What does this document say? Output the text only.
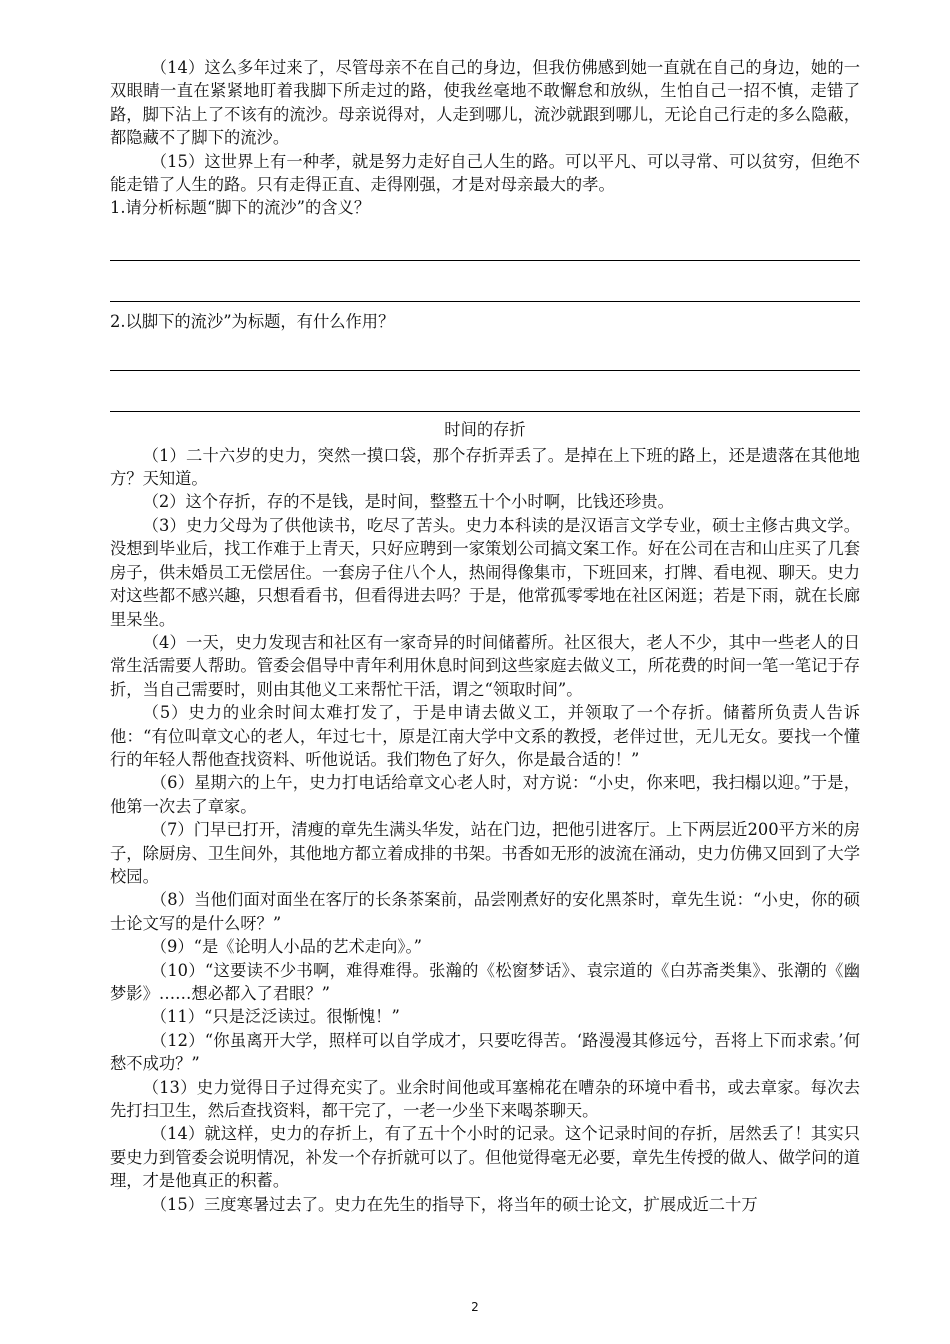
（14）这么多年过来了，尽管母亲不在自己的身边，但我仿佛感到她一直就在自己的身边，她的一双眼睛一直在紧紧地盯着我脚下所走过的路，使我丝毫地不敢懈怠和放纵，生怕自己一招不慎，走错了路，脚下沾上了不该有的流沙。母亲说得对，人走到哪儿，流沙就跟到哪儿，无论自己行走的多么隐蔽，都隐藏不了脚下的流沙。

（15）这世界上有一种孝，就是努力走好自己人生的路。可以平凡、可以寻常、可以贫穷，但绝不能走错了人生的路。只有走得正直、走得刚强，才是对母亲最大的孝。

1.请分析标题“脚下的流沙”的含义？

2.以脚下的流沙”为标题，有什么作用？

时间的存折

（1）二十六岁的史力，突然一摸口袋，那个存折弄丢了。是掉在上下班的路上，还是遗落在其他地方？天知道。

（2）这个存折，存的不是钱，是时间，整整五十个小时啊，比钱还珍贵。

（3）史力父母为了供他读书，吃尽了苦头。史力本科读的是汉语言文学专业，硕士主修古典文学。没想到毕业后，找工作难于上青天，只好应聘到一家策划公司搞文案工作。好在公司在吉和山庄买了几套房子，供未婚员工无偿居住。一套房子住八个人，热闹得像集市，下班回来，打牌、看电视、聊天。史力对这些都不感兴趣，只想看看书，但看得进去吗？于是，他常孤零零地在社区闲逛；若是下雨，就在长廊里呆坐。

（4）一天，史力发现吉和社区有一家奇异的时间储蓄所。社区很大，老人不少，其中一些老人的日常生活需要人帮助。管委会倡导中青年利用休息时间到这些家庭去做义工，所花费的时间一笔一笔记于存折，当自己需要时，则由其他义工来帮忙干活，谓之“领取时间”。

（5）史力的业余时间太难打发了，于是申请去做义工，并领取了一个存折。储蓄所负责人告诉他：“有位叫章文心的老人，年过七十，原是江南大学中文系的教授，老伴过世，无儿无女。要找一个懂行的年轻人帮他查找资料、听他说话。我们物色了好久，你是最合适的！”

（6）星期六的上午，史力打电话给章文心老人时，对方说：“小史，你来吧，我扫榻以迎。”于是，他第一次去了章家。

（7）门早已打开，清瘦的章先生满头华发，站在门边，把他引进客厅。上下两层近200平方米的房子，除厨房、卫生间外，其他地方都立着成排的书架。书香如无形的波流在涌动，史力仿佛又回到了大学校园。

（8）当他们面对面坐在客厅的长条茶案前，品尝刚煮好的安化黑茶时，章先生说：“小史，你的硕士论文写的是什么呀？”

（9）“是《论明人小品的艺术走向》。”

（10）“这要读不少书啊，难得难得。张瀚的《松窗梦话》、袁宗道的《白苏斋类集》、张潮的《幽梦影》……想必都入了君眼？”

（11）“只是泛泛读过。很惭愧！”

（12）“你虽离开大学，照样可以自学成才，只要吃得苦。‘路漫漫其修远兮，吾将上下而求索。’何愁不成功？”

（13）史力觉得日子过得充实了。业余时间他或耳塞棉花在嘈杂的环境中看书，或去章家。每次去先打扫卫生，然后查找资料，都干完了，一老一少坐下来喝茶聊天。

（14）就这样，史力的存折上，有了五十个小时的记录。这个记录时间的存折，居然丢了！其实只要史力到管委会说明情况，补发一个存折就可以了。但他觉得毫无必要，章先生传授的做人、做学问的道理，才是他真正的积蓄。

（15）三度寒暑过去了。史力在先生的指导下，将当年的硕士论文，扩展成近二十万

2
